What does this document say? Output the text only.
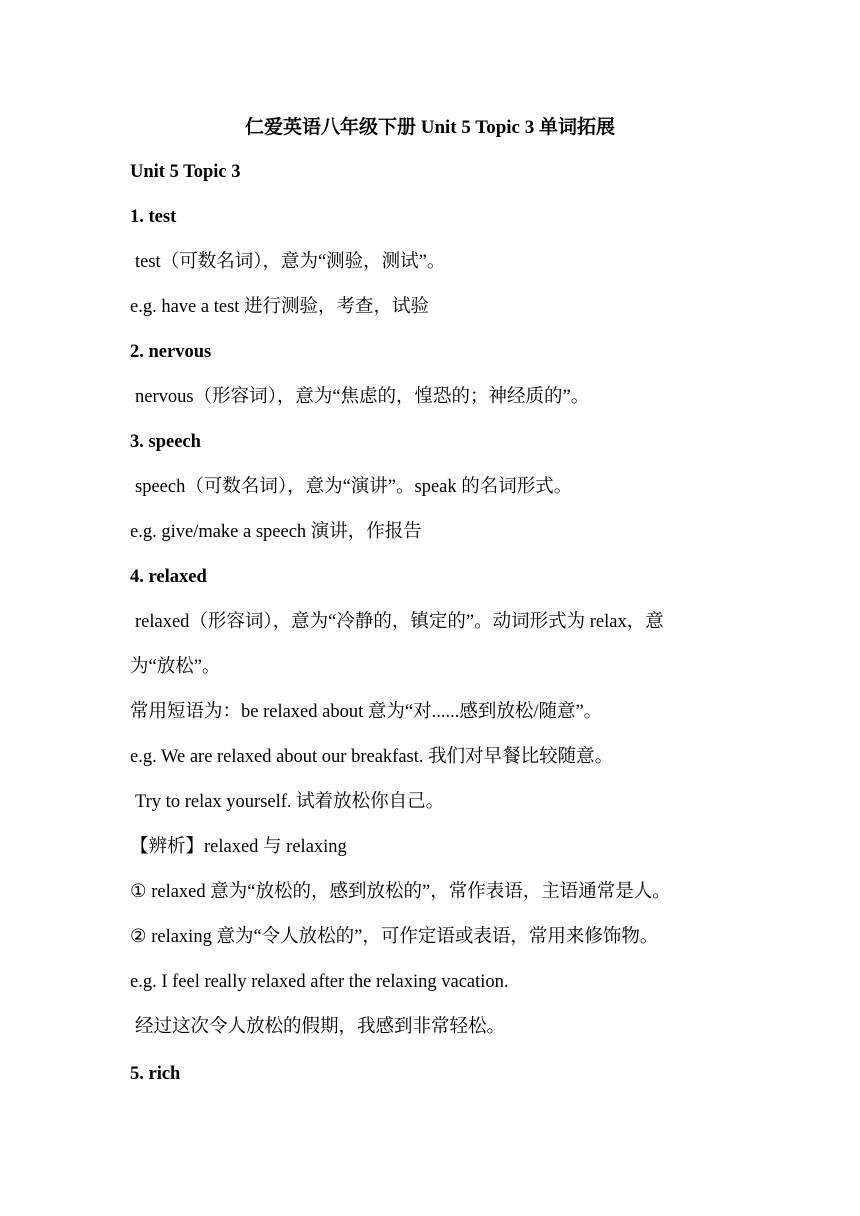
仁爱英语八年级下册 Unit 5 Topic 3 单词拓展
Unit 5 Topic 3
1. test
test（可数名词），意为“测验，测试”。
e.g. have a test 进行测验，考查，试验
2. nervous
nervous（形容词），意为“焦虑的，惶恐的；神经质的”。
3. speech
speech（可数名词），意为“演讲”。speak 的名词形式。
e.g. give/make a speech 演讲，作报告
4. relaxed
relaxed（形容词），意为“冷静的，镇定的”。动词形式为 relax，意
为“放松”。
常用短语为：be relaxed about 意为“对......感到放松/随意”。
e.g. We are relaxed about our breakfast. 我们对早餐比较随意。
Try to relax yourself. 试着放松你自己。
【辨析】relaxed 与 relaxing
① relaxed 意为“放松的，感到放松的”，常作表语，主语通常是人。
② relaxing 意为“令人放松的”，可作定语或表语，常用来修饰物。
e.g. I feel really relaxed after the relaxing vacation.
经过这次令人放松的假期，我感到非常轻松。
5. rich
